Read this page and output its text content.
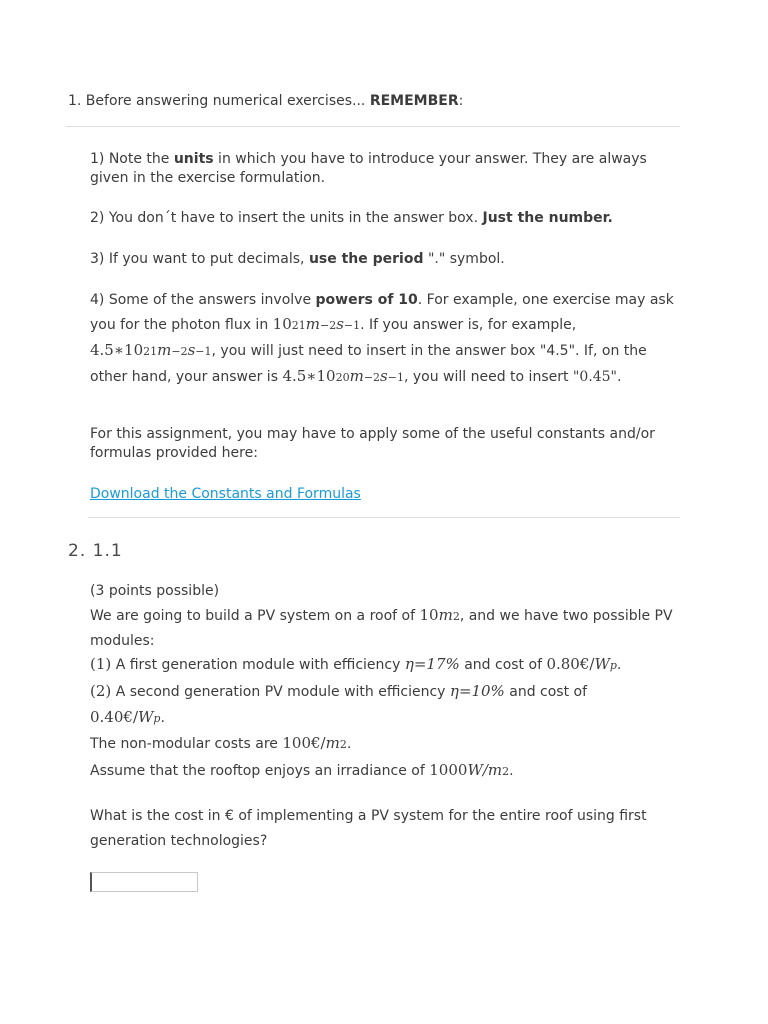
1. Before answering numerical exercises... REMEMBER:
1) Note the units in which you have to introduce your answer. They are always given in the exercise formulation.
2) You don´t have to insert the units in the answer box. Just the number.
3) If you want to put decimals, use the period "." symbol.
4) Some of the answers involve powers of 10. For example, one exercise may ask you for the photon flux in 1021m−2s−1. If you answer is, for example, 4.5∗1021m−2s−1, you will just need to insert in the answer box "4.5". If, on the other hand, your answer is 4.5∗1020m−2s−1, you will need to insert "0.45".
For this assignment, you may have to apply some of the useful constants and/or formulas provided here:
Download the Constants and Formulas
2. 1.1
(3 points possible)
We are going to build a PV system on a roof of 10m2, and we have two possible PV modules:
(1) A first generation module with efficiency η=17% and cost of 0.80€/Wp.
(2) A second generation PV module with efficiency η=10% and cost of 0.40€/Wp.
The non-modular costs are 100€/m2.
Assume that the rooftop enjoys an irradiance of 1000W/m2.
What is the cost in € of implementing a PV system for the entire roof using first generation technologies?
